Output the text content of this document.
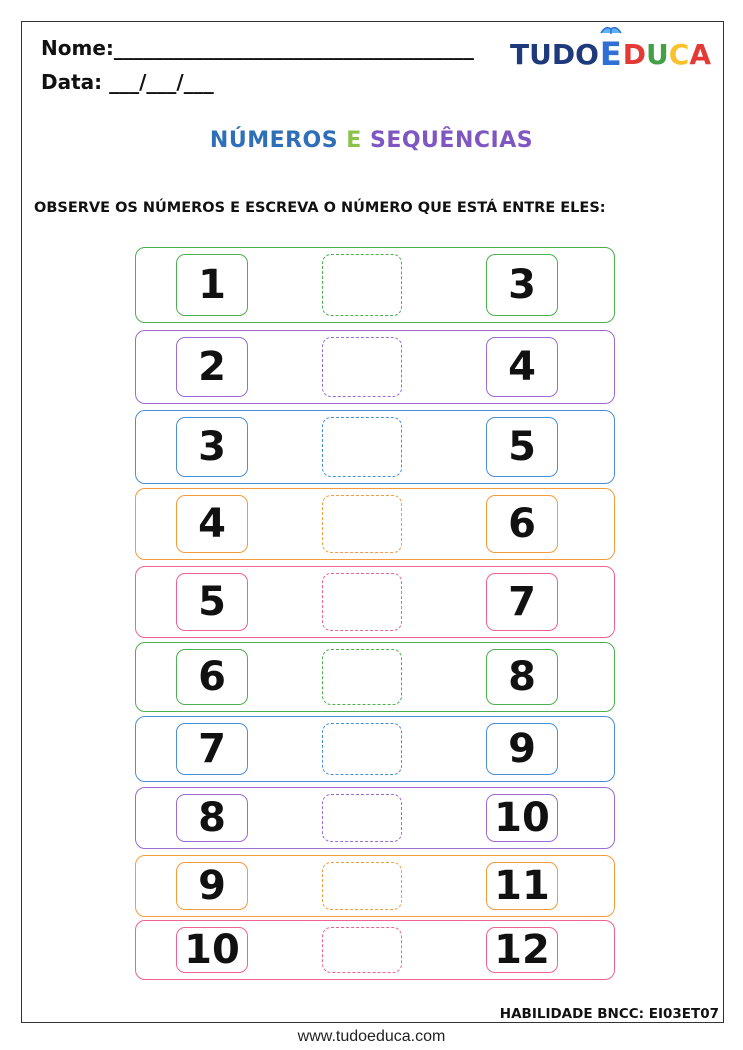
Nome:____________________________________
Data: ___/___/___
TUDO E D U C A
NÚMEROS E SEQUÊNCIAS
OBSERVE OS NÚMEROS E ESCREVA O NÚMERO QUE ESTÁ ENTRE ELES:
1	3
2	4
3	5
4	6
5	7
6	8
7	9
8	10
9	11
10	12
HABILIDADE BNCC: EI03ET07
www.tudoeduca.com
